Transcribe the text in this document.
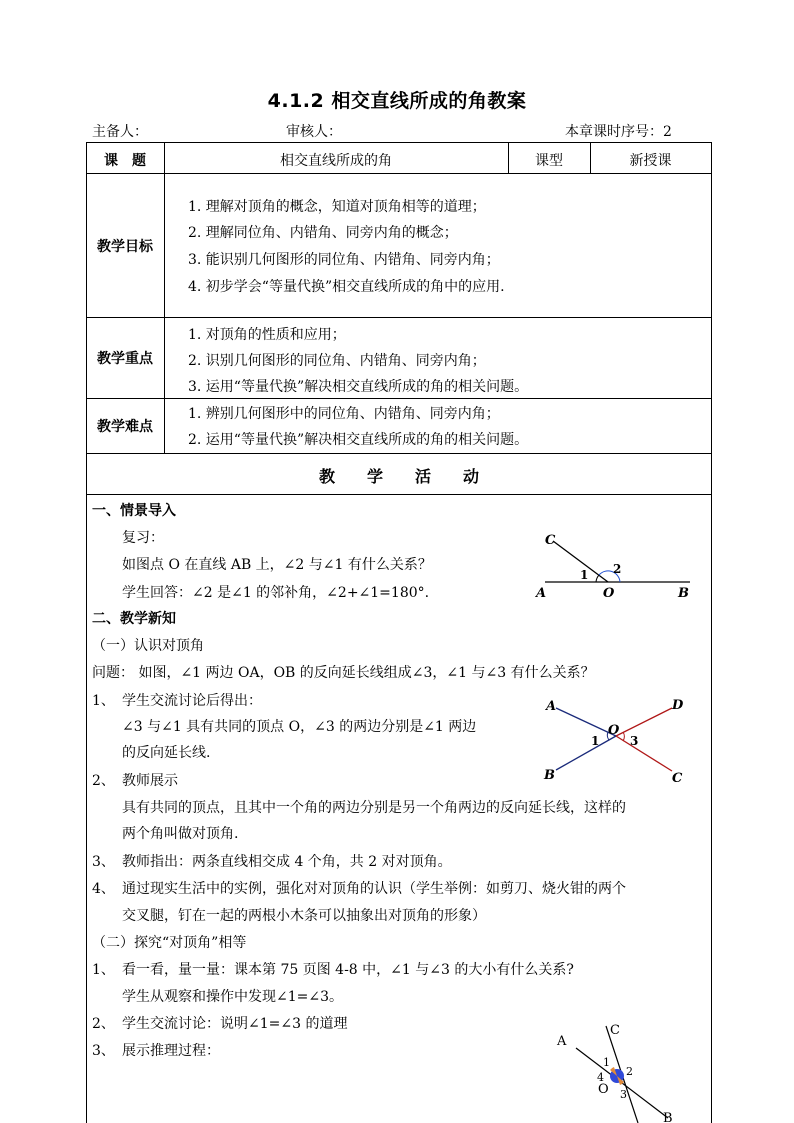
4.1.2 相交直线所成的角教案
主备人：	审核人：	本章课时序号：2
课　题	相交直线所成的角	课型	新授课
教学目标
1. 理解对顶角的概念，知道对顶角相等的道理；
2. 理解同位角、内错角、同旁内角的概念；
3. 能识别几何图形的同位角、内错角、同旁内角；
4. 初步学会“等量代换”相交直线所成的角中的应用.
教学重点
1. 对顶角的性质和应用；
2. 识别几何图形的同位角、内错角、同旁内角；
3. 运用“等量代换”解决相交直线所成的角的相关问题。
教学难点
1. 辨别几何图形中的同位角、内错角、同旁内角；
2. 运用“等量代换”解决相交直线所成的角的相关问题。
教　　学　　活　　动
一、情景导入
复习：
如图点 O 在直线 AB 上，∠2 与∠1 有什么关系？
学生回答：∠2 是∠1 的邻补角，∠2+∠1=180°.
二、教学新知
（一）认识对顶角
问题： 如图，∠1 两边 OA，OB 的反向延长线组成∠3，∠1 与∠3 有什么关系？
1、 学生交流讨论后得出：
∠3 与∠1 具有共同的顶点 O，∠3 的两边分别是∠1 两边
的反向延长线.
2、 教师展示
具有共同的顶点，且其中一个角的两边分别是另一个角两边的反向延长线，这样的
两个角叫做对顶角.
3、 教师指出：两条直线相交成 4 个角，共 2 对对顶角。
4、 通过现实生活中的实例，强化对对顶角的认识（学生举例：如剪刀、烧火钳的两个
交叉腿，钉在一起的两根小木条可以抽象出对顶角的形象）
（二）探究“对顶角”相等
1、 看一看，量一量：课本第 75 页图 4-8 中，∠1 与∠3 的大小有什么关系?
学生从观察和操作中发现∠1=∠3。
2、 学生交流讨论：说明∠1=∠3 的道理
3、 展示推理过程：
C
A	O	B
1 2
A	D
O
B	C
1	3
A
C
O
B
1
2
3
4
